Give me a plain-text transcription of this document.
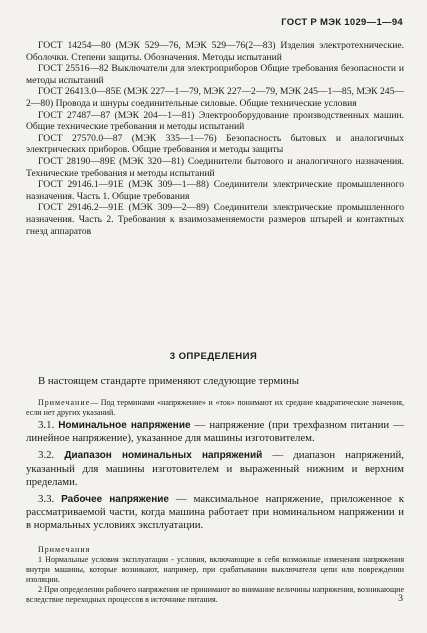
ГОСТ Р МЭК 1029—1—94

ГОСТ 14254—80 (МЭК 529—76, МЭК 529—76(2—83) Изделия электротехнические. Оболочки. Степени защиты. Обозначения. Методы испытаний

ГОСТ 25516—82 Выключатели для электроприборов Общие требования безопасности и методы испытаний

ГОСТ 26413.0—85Е (МЭК 227—1—79, МЭК 227—2—79, МЭК 245—1—85, МЭК 245—2—80) Провода и шнуры соединительные силовые. Общие технические условия

ГОСТ 27487—87 (МЭК 204—1—81) Электрооборудование производственных машин. Общие технические требования и методы испытаний

ГОСТ 27570.0—87 (МЭК 335—1—76) Безопасность бытовых и аналогичных электрических приборов. Общие требования и методы защиты

ГОСТ 28190—89Е (МЭК 320—81) Соединители бытового и аналогичного назначения. Технические требования и методы испытаний

ГОСТ 29146.1—91Е (МЭК 309—1—88) Соединители электрические промышленного назначения. Часть 1. Общие требования

ГОСТ 29146.2—91Е (МЭК 309—2—89) Соединители электрические промышленного назначения. Часть 2. Требования к взаимозаменяемости размеров штырей и контактных гнезд аппаратов

3 ОПРЕДЕЛЕНИЯ

В настоящем стандарте применяют следующие термины

Примечание— Под терминами «напряжение» и «ток» понимают их средние квадратические значения, если нет других указаний.

3.1. Номинальное напряжение — напряжение (при трехфазном питании — линейное напряжение), указанное для машины изготовителем.

3.2. Диапазон номинальных напряжений — диапазон напряжений, указанный для машины изготовителем и выраженный нижним и верхним пределами.

3.3. Рабочее напряжение — максимальное напряжение, приложенное к рассматриваемой части, когда машина работает при номинальном напряжении и в нормальных условиях эксплуатации.

Примечания

1 Нормальные условия эксплуатации - условия, включающие в себя возможные изменения напряжения внутри машины, которые возникают, например, при срабатывании выключателя цепи или повреждении изоляции.

2 При определении рабочего напряжения не принимают во внимание величины напряжения, возникающие вследствие переходных процессов в источнике питания.	3
